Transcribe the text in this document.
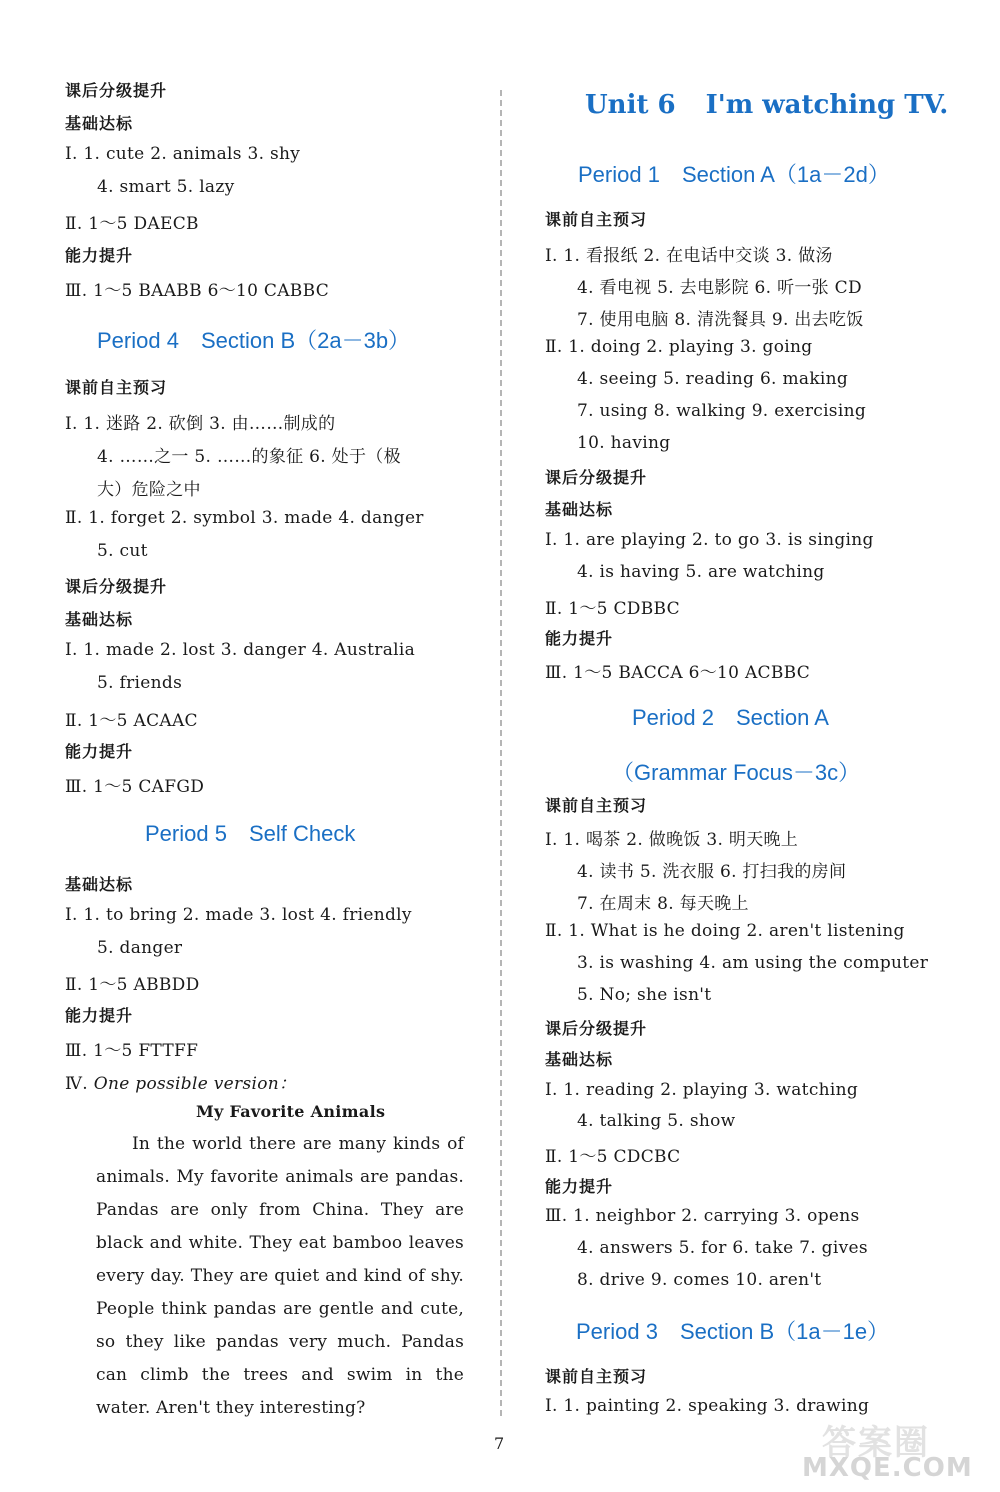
课后分级提升
基础达标
Ⅰ. 1. cute 2. animals 3. shy
4. smart 5. lazy
Ⅱ. 1～5 DAECB
能力提升
Ⅲ. 1～5 BAABB 6～10 CABBC
Period 4 Section B（2a－3b）
课前自主预习
Ⅰ. 1. 迷路 2. 砍倒 3. 由……制成的
4. ……之一 5. ……的象征 6. 处于（极
大）危险之中
Ⅱ. 1. forget 2. symbol 3. made 4. danger
5. cut
课后分级提升
基础达标
Ⅰ. 1. made 2. lost 3. danger 4. Australia
5. friends
Ⅱ. 1～5 ACAAC
能力提升
Ⅲ. 1～5 CAFGD
Period 5 Self Check
基础达标
Ⅰ. 1. to bring 2. made 3. lost 4. friendly
5. danger
Ⅱ. 1～5 ABBDD
能力提升
Ⅲ. 1～5 FTTFF
Ⅳ. One possible version：
My Favorite Animals
In the world there are many kinds of animals. My favorite animals are pandas. Pandas are only from China. They are black and white. They eat bamboo leaves every day. They are quiet and kind of shy. People think pandas are gentle and cute, so they like pandas very much. Pandas can climb the trees and swim in the water. Aren't they interesting?
Unit 6 I'm watching TV.
Period 1 Section A（1a－2d）
课前自主预习
Ⅰ. 1. 看报纸 2. 在电话中交谈 3. 做汤
4. 看电视 5. 去电影院 6. 听一张 CD
7. 使用电脑 8. 清洗餐具 9. 出去吃饭
Ⅱ. 1. doing 2. playing 3. going
4. seeing 5. reading 6. making
7. using 8. walking 9. exercising
10. having
课后分级提升
基础达标
Ⅰ. 1. are playing 2. to go 3. is singing
4. is having 5. are watching
Ⅱ. 1～5 CDBBC
能力提升
Ⅲ. 1～5 BACCA 6～10 ACBBC
Period 2 Section A
（Grammar Focus－3c）
课前自主预习
Ⅰ. 1. 喝茶 2. 做晚饭 3. 明天晚上
4. 读书 5. 洗衣服 6. 打扫我的房间
7. 在周末 8. 每天晚上
Ⅱ. 1. What is he doing 2. aren't listening
3. is washing 4. am using the computer
5. No; she isn't
课后分级提升
基础达标
Ⅰ. 1. reading 2. playing 3. watching
4. talking 5. show
Ⅱ. 1～5 CDCBC
能力提升
Ⅲ. 1. neighbor 2. carrying 3. opens
4. answers 5. for 6. take 7. gives
8. drive 9. comes 10. aren't
Period 3 Section B（1a－1e）
课前自主预习
Ⅰ. 1. painting 2. speaking 3. drawing
7	答案圈
MXQE.COM
